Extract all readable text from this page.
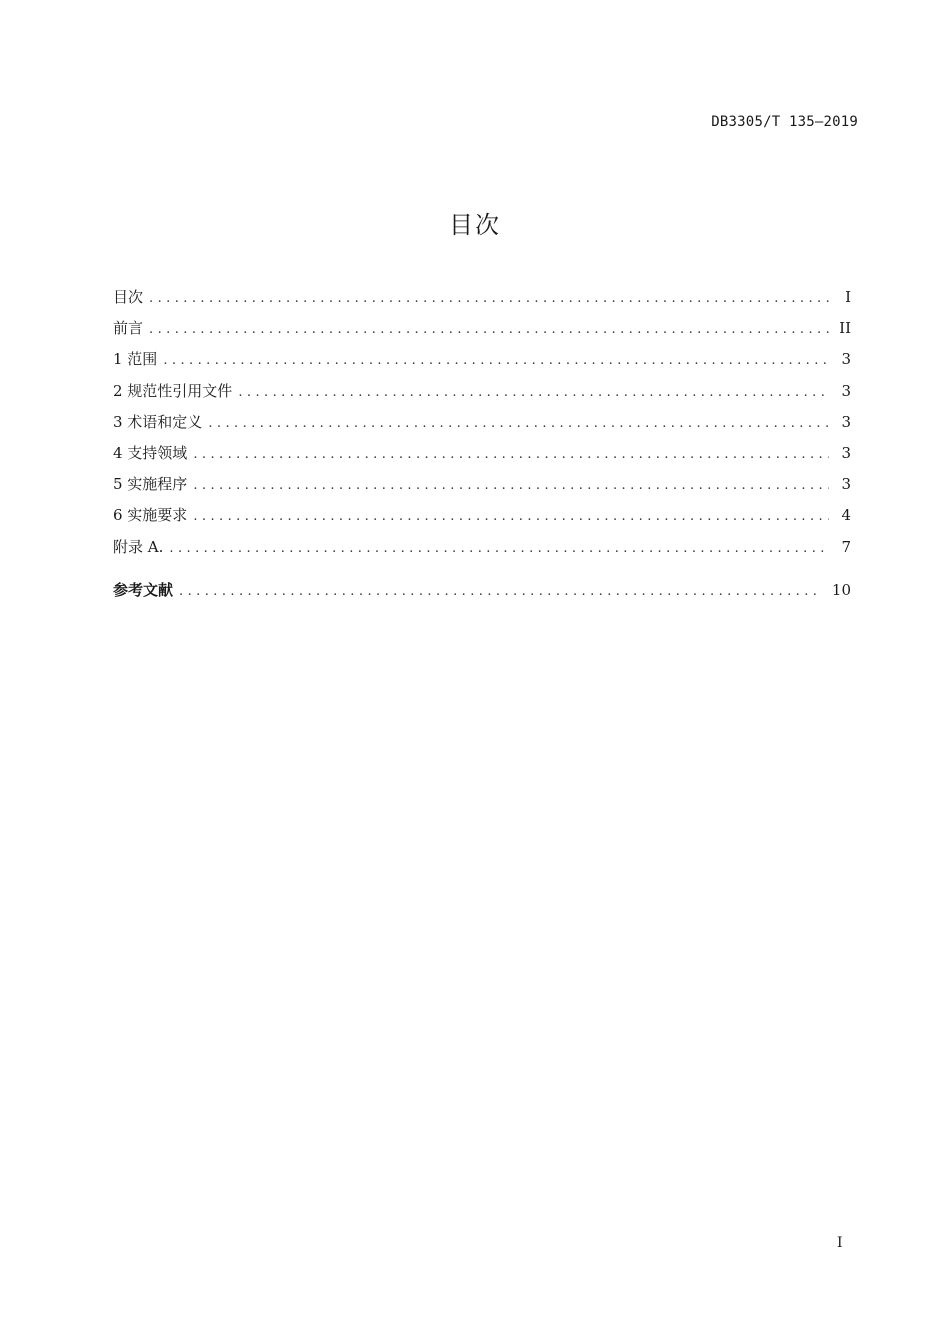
DB3305/T 135—2019
目次
目次 . . .	I
前言 . . .	II
1 范围 . . .	3
2 规范性引用文件 . . .	3
3 术语和定义 . . .	3
4 支持领域 . . .	3
5 实施程序 . . .	3
6 实施要求 . . .	4
附录 A. . . .	7
参考文献 . . .	10
I
